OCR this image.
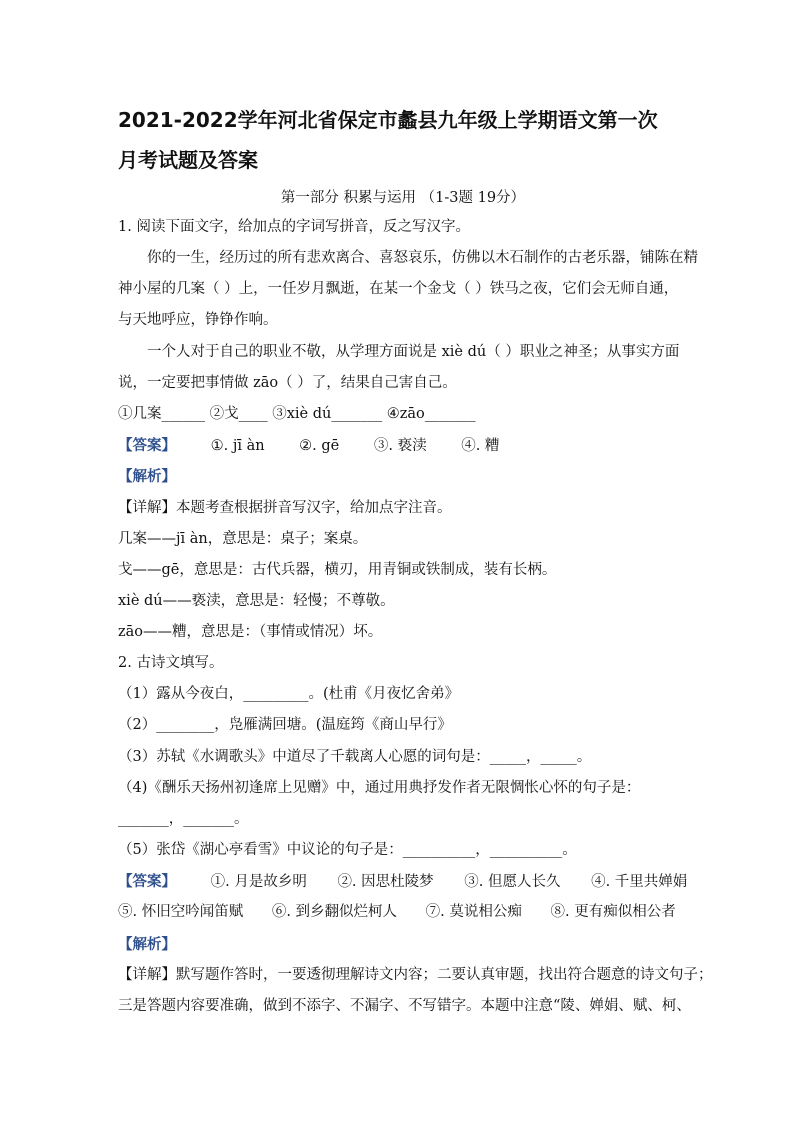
2021-2022学年河北省保定市蠡县九年级上学期语文第一次
月考试题及答案
第一部分 积累与运用 （1-3题 19分）
1. 阅读下面文字，给加点的字词写拼音，反之写汉字。
你的一生，经历过的所有悲欢离合、喜怒哀乐，仿佛以木石制作的古老乐器，铺陈在精
神小屋的几案（ ）上，一任岁月飘逝，在某一个金戈（ ）铁马之夜，它们会无师自通，
与天地呼应，铮铮作响。
一个人对于自己的职业不敬，从学理方面说是 xiè dú（ ）职业之神圣；从事实方面
说，一定要把事情做 zāo（ ）了，结果自己害自己。
①几案______ ②戈____ ③xiè dú_______ ④zāo_______
【答案】 ①. jī àn ②. gē ③. 亵渎 ④. 糟
【解析】
【详解】本题考查根据拼音写汉字，给加点字注音。
几案——jī àn，意思是：桌子；案桌。
戈——gē，意思是：古代兵器，横刃，用青铜或铁制成，装有长柄。
xiè dú——亵渎，意思是：轻慢；不尊敬。
zāo——糟，意思是：（事情或情况）坏。
2. 古诗文填写。
（1）露从今夜白，_________。(杜甫《月夜忆舍弟》
（2）________，凫雁满回塘。(温庭筠《商山早行》
（3）苏轼《水调歌头》中道尽了千载离人心愿的词句是：_____，_____。
（4)《酬乐天扬州初逢席上见赠》中，通过用典抒发作者无限惆怅心怀的句子是：
_______，_______。
（5）张岱《湖心亭看雪》中议论的句子是：__________，__________。
【答案】 ①. 月是故乡明 ②. 因思杜陵梦 ③. 但愿人长久 ④. 千里共婵娟
⑤. 怀旧空吟闻笛赋 ⑥. 到乡翻似烂柯人 ⑦. 莫说相公痴 ⑧. 更有痴似相公者
【解析】
【详解】默写题作答时，一要透彻理解诗文内容；二要认真审题，找出符合题意的诗文句子；
三是答题内容要准确，做到不添字、不漏字、不写错字。本题中注意“陵、婵娟、赋、柯、
